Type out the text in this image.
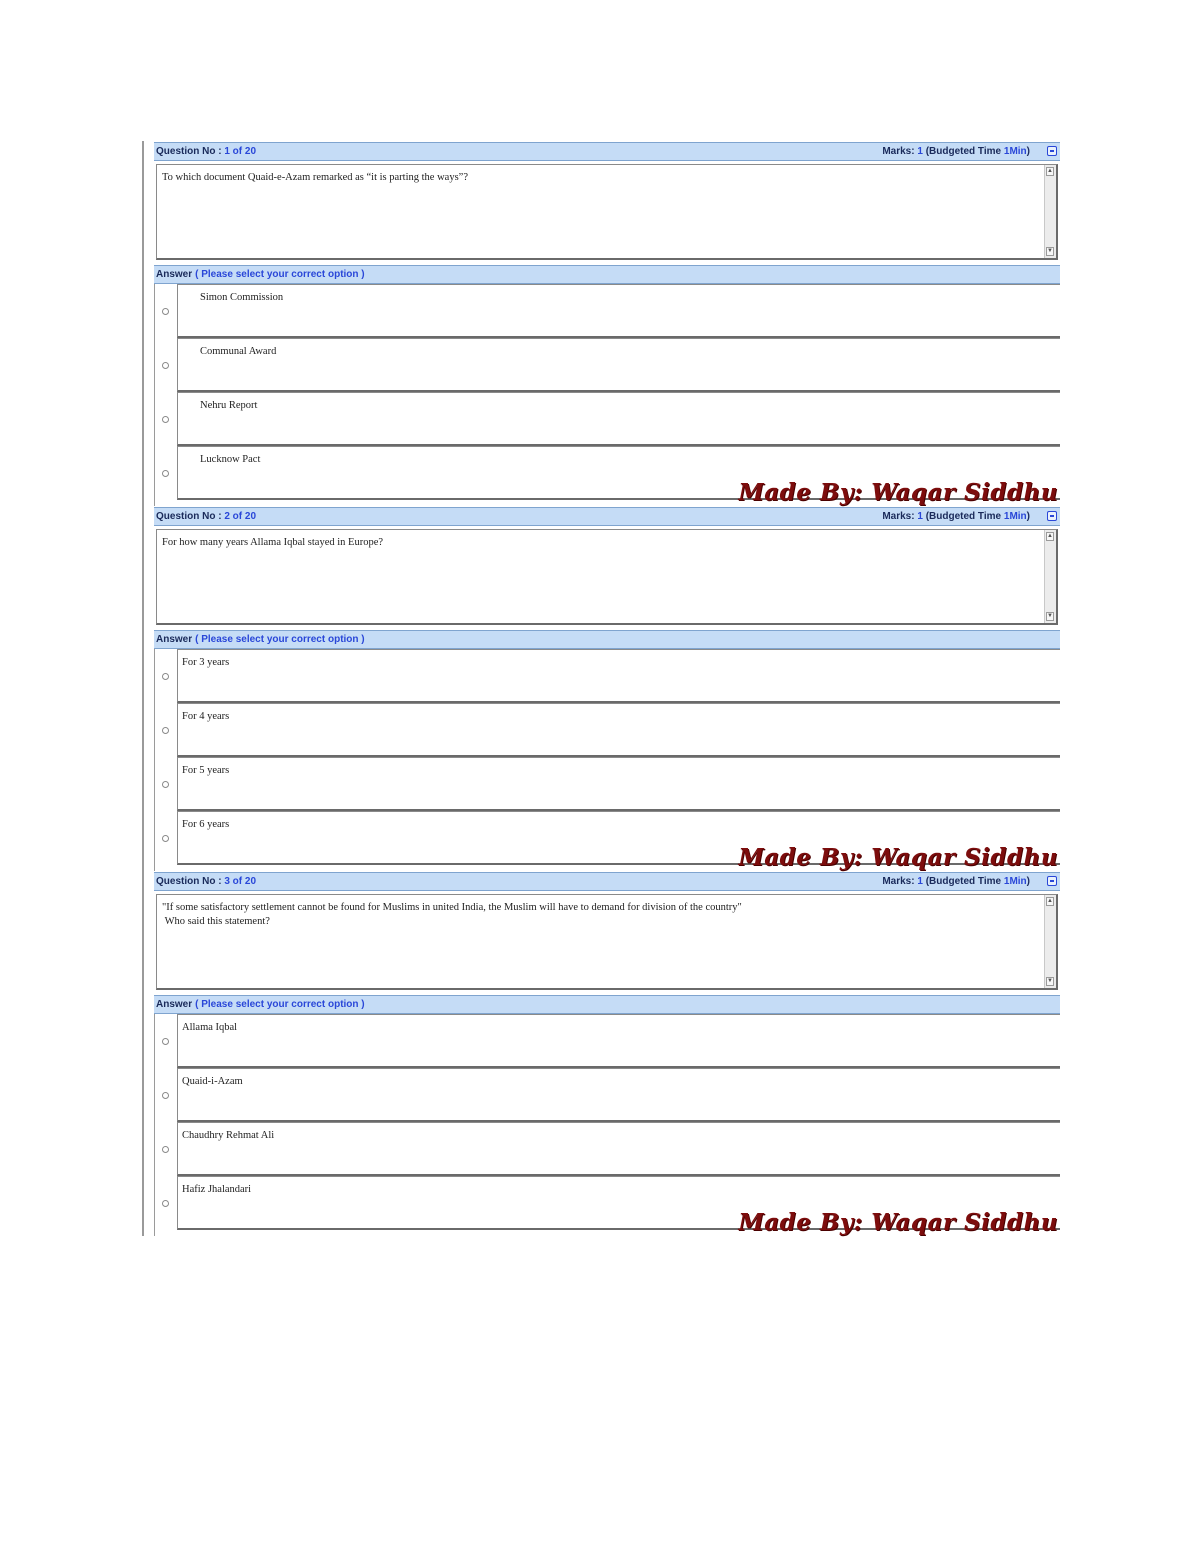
Question No : 1 of 20	Marks: 1 (Budgeted Time 1Min)
To which document Quaid-e-Azam remarked as “it is parting the ways”?
▲
▼
Answer ( Please select your correct option )
Simon Commission
Communal Award
Nehru Report
Lucknow Pact
Made By: Waqar Siddhu
Question No : 2 of 20	Marks: 1 (Budgeted Time 1Min)
For how many years Allama Iqbal stayed in Europe?
▲
▼
Answer ( Please select your correct option )
For 3 years
For 4 years
For 5 years
For 6 years
Made By: Waqar Siddhu
Question No : 3 of 20	Marks: 1 (Budgeted Time 1Min)
"If some satisfactory settlement cannot be found for Muslims in united India, the Muslim will have to demand for division of the country"
Who said this statement?
▲
▼
Answer ( Please select your correct option )
Allama Iqbal
Quaid-i-Azam
Chaudhry Rehmat Ali
Hafiz Jhalandari
Made By: Waqar Siddhu
